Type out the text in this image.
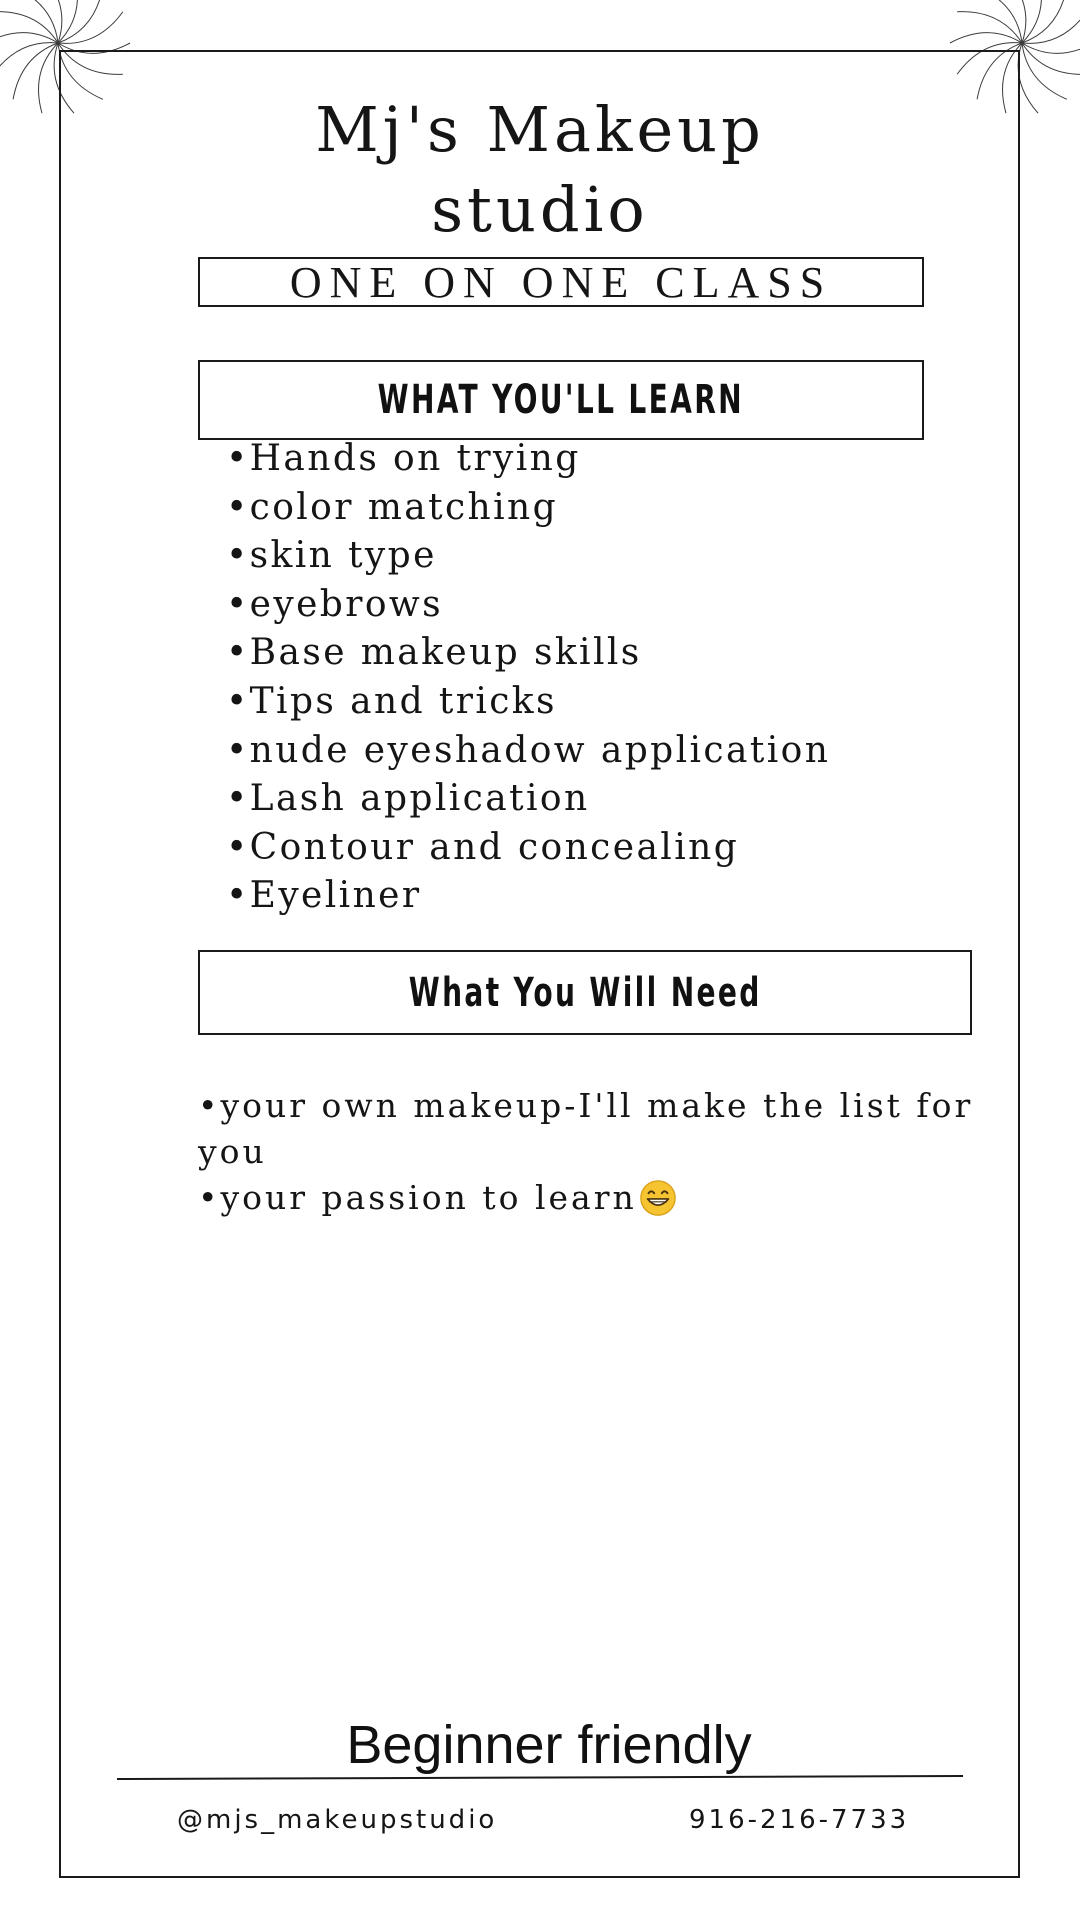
Mj's Makeup
studio
ONE ON ONE CLASS
WHAT YOU'LL LEARN
•Hands on trying
•color matching
•skin type
•eyebrows
•Base makeup skills
•Tips and tricks
•nude eyeshadow application
•Lash application
•Contour and concealing
•Eyeliner
What You Will Need
•your own makeup-I'll make the list for you
•your passion to learn
Beginner friendly
@mjs_makeupstudio	916-216-7733
